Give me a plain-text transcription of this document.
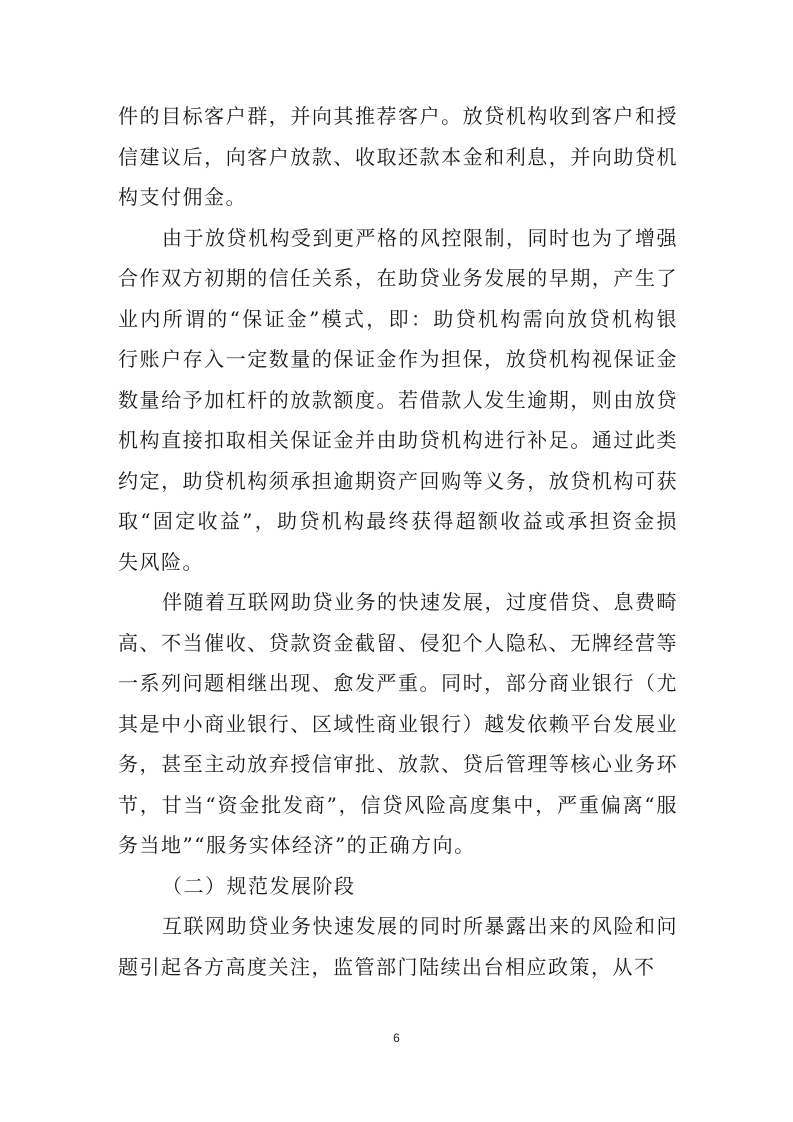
件的目标客户群，并向其推荐客户。放贷机构收到客户和授信建议后，向客户放款、收取还款本金和利息，并向助贷机构支付佣金。

由于放贷机构受到更严格的风控限制，同时也为了增强合作双方初期的信任关系，在助贷业务发展的早期，产生了业内所谓的“保证金”模式，即：助贷机构需向放贷机构银行账户存入一定数量的保证金作为担保，放贷机构视保证金数量给予加杠杆的放款额度。若借款人发生逾期，则由放贷机构直接扣取相关保证金并由助贷机构进行补足。通过此类约定，助贷机构须承担逾期资产回购等义务，放贷机构可获取“固定收益”，助贷机构最终获得超额收益或承担资金损失风险。

伴随着互联网助贷业务的快速发展，过度借贷、息费畸高、不当催收、贷款资金截留、侵犯个人隐私、无牌经营等一系列问题相继出现、愈发严重。同时，部分商业银行（尤其是中小商业银行、区域性商业银行）越发依赖平台发展业务，甚至主动放弃授信审批、放款、贷后管理等核心业务环节，甘当“资金批发商”，信贷风险高度集中，严重偏离“服务当地”“服务实体经济”的正确方向。

（二）规范发展阶段

互联网助贷业务快速发展的同时所暴露出来的风险和问题引起各方高度关注，监管部门陆续出台相应政策，从不

6
